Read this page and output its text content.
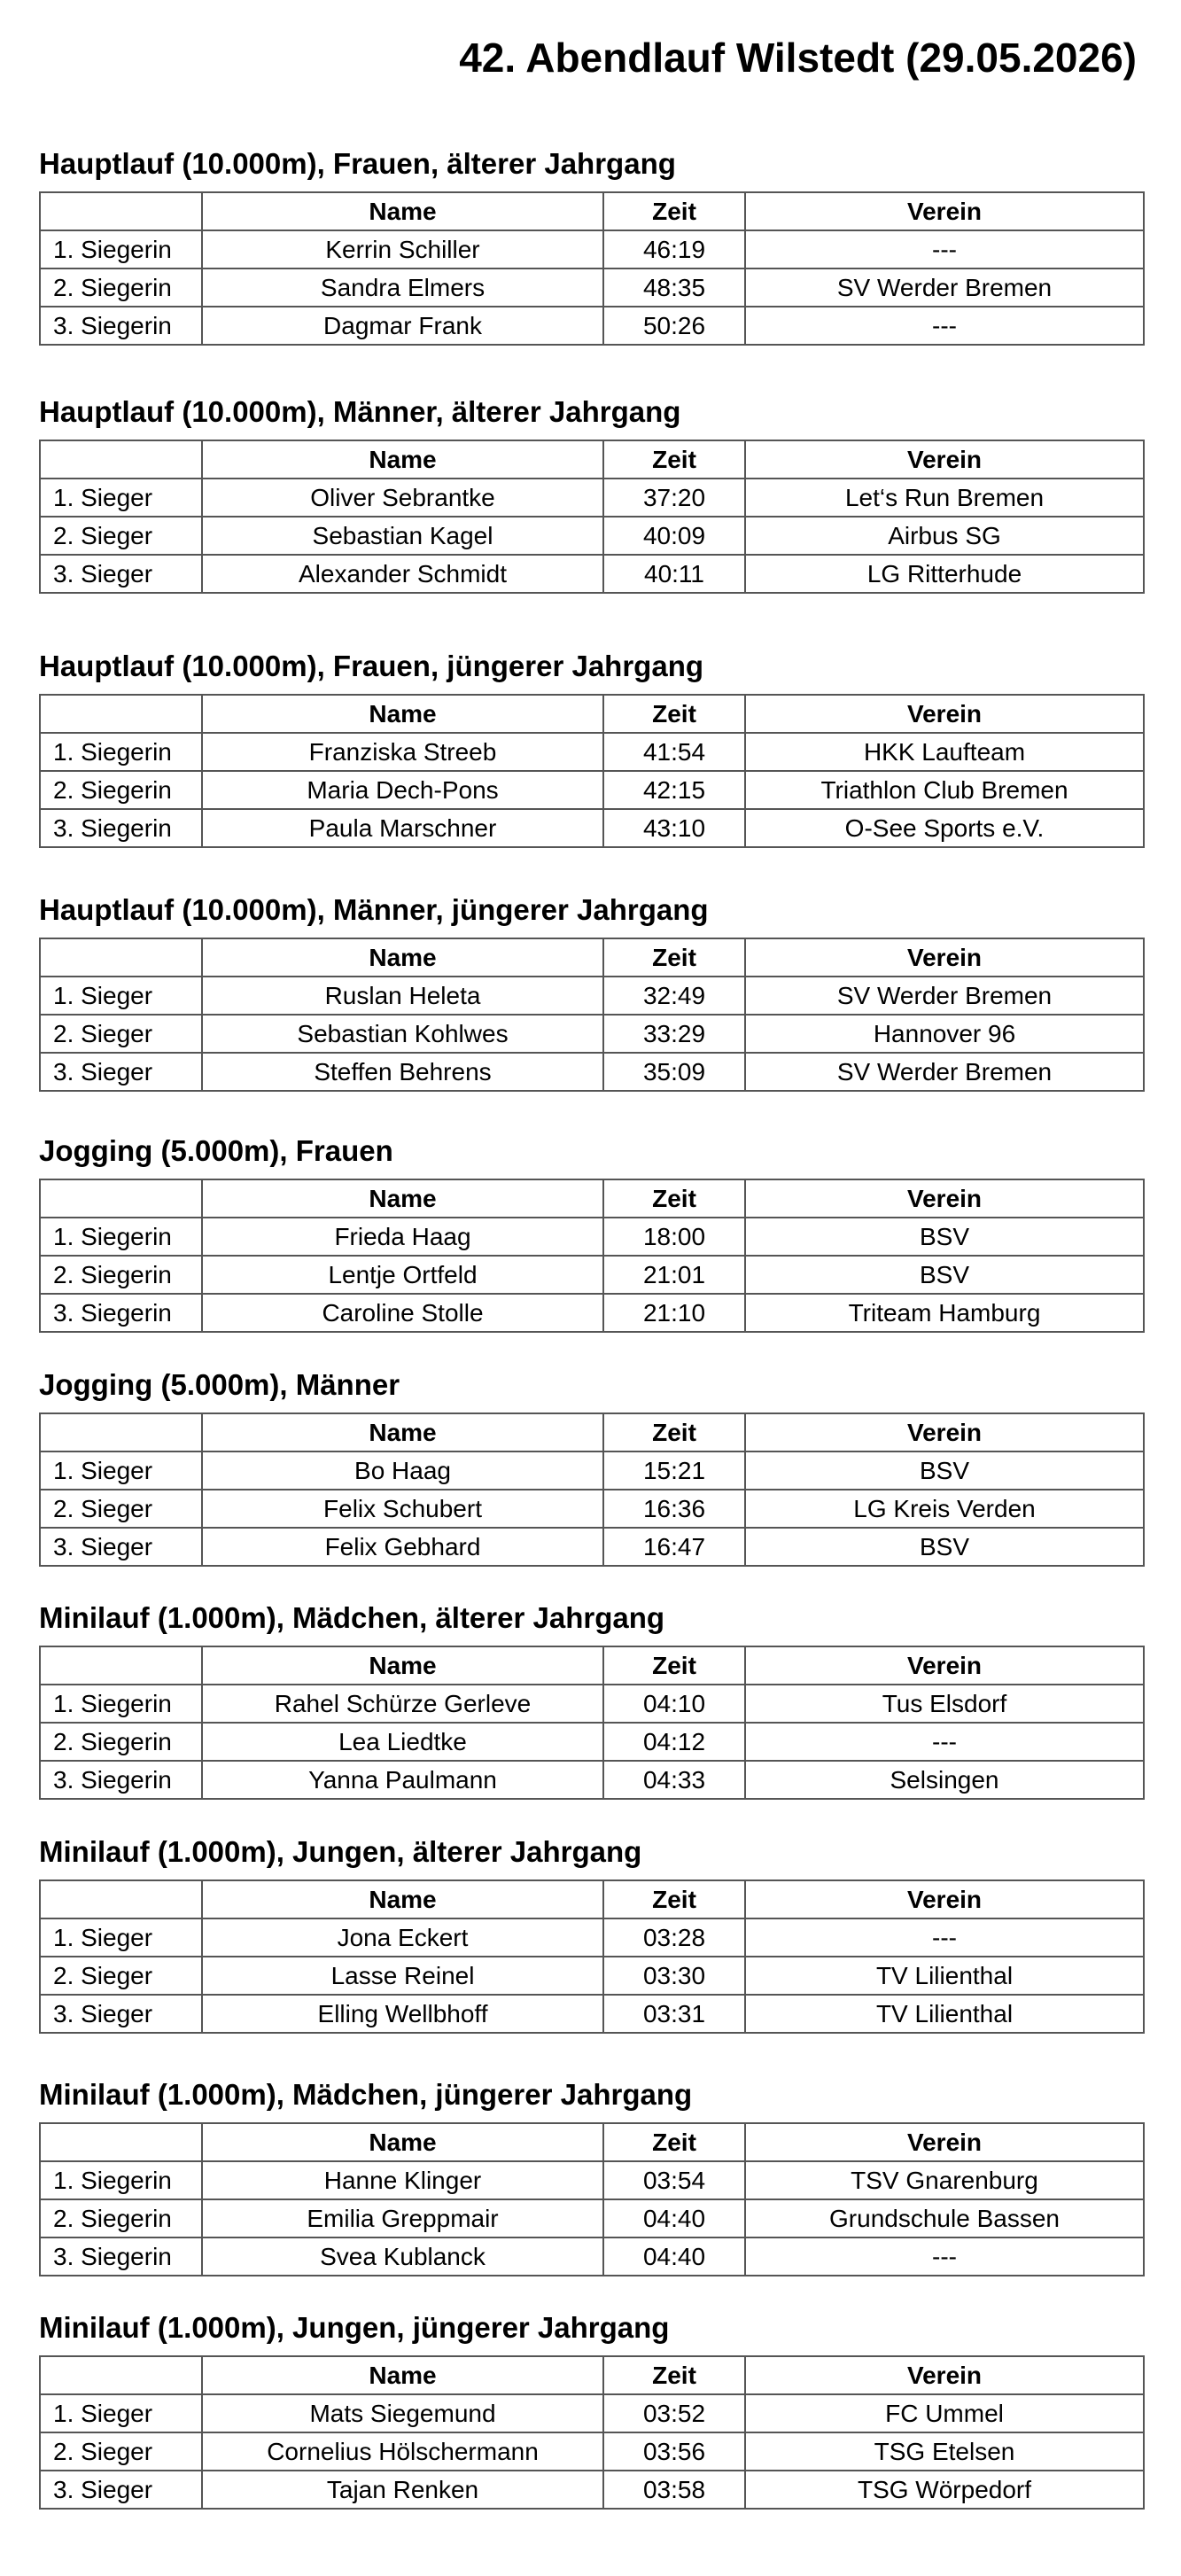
42. Abendlauf Wilstedt (29.05.2026)
Hauptlauf (10.000m), Frauen, älterer Jahrgang
	Name	Zeit	Verein
1. Siegerin	Kerrin Schiller	46:19	---
2. Siegerin	Sandra Elmers	48:35	SV Werder Bremen
3. Siegerin	Dagmar Frank	50:26	---
Hauptlauf (10.000m), Männer, älterer Jahrgang
	Name	Zeit	Verein
1. Sieger	Oliver Sebrantke	37:20	Let‘s Run Bremen
2. Sieger	Sebastian Kagel	40:09	Airbus SG
3. Sieger	Alexander Schmidt	40:11	LG Ritterhude
Hauptlauf (10.000m), Frauen, jüngerer Jahrgang
	Name	Zeit	Verein
1. Siegerin	Franziska Streeb	41:54	HKK Laufteam
2. Siegerin	Maria Dech-Pons	42:15	Triathlon Club Bremen
3. Siegerin	Paula Marschner	43:10	O-See Sports e.V.
Hauptlauf (10.000m), Männer, jüngerer Jahrgang
	Name	Zeit	Verein
1. Sieger	Ruslan Heleta	32:49	SV Werder Bremen
2. Sieger	Sebastian Kohlwes	33:29	Hannover 96
3. Sieger	Steffen Behrens	35:09	SV Werder Bremen
Jogging (5.000m), Frauen
	Name	Zeit	Verein
1. Siegerin	Frieda Haag	18:00	BSV
2. Siegerin	Lentje Ortfeld	21:01	BSV
3. Siegerin	Caroline Stolle	21:10	Triteam Hamburg
Jogging (5.000m), Männer
	Name	Zeit	Verein
1. Sieger	Bo Haag	15:21	BSV
2. Sieger	Felix Schubert	16:36	LG Kreis Verden
3. Sieger	Felix Gebhard	16:47	BSV
Minilauf (1.000m), Mädchen, älterer Jahrgang
	Name	Zeit	Verein
1. Siegerin	Rahel Schürze Gerleve	04:10	Tus Elsdorf
2. Siegerin	Lea Liedtke	04:12	---
3. Siegerin	Yanna Paulmann	04:33	Selsingen
Minilauf (1.000m), Jungen, älterer Jahrgang
	Name	Zeit	Verein
1. Sieger	Jona Eckert	03:28	---
2. Sieger	Lasse Reinel	03:30	TV Lilienthal
3. Sieger	Elling Wellbhoff	03:31	TV Lilienthal
Minilauf (1.000m), Mädchen, jüngerer Jahrgang
	Name	Zeit	Verein
1. Siegerin	Hanne Klinger	03:54	TSV Gnarenburg
2. Siegerin	Emilia Greppmair	04:40	Grundschule Bassen
3. Siegerin	Svea Kublanck	04:40	---
Minilauf (1.000m), Jungen, jüngerer Jahrgang
	Name	Zeit	Verein
1. Sieger	Mats Siegemund	03:52	FC Ummel
2. Sieger	Cornelius Hölschermann	03:56	TSG Etelsen
3. Sieger	Tajan Renken	03:58	TSG Wörpedorf
